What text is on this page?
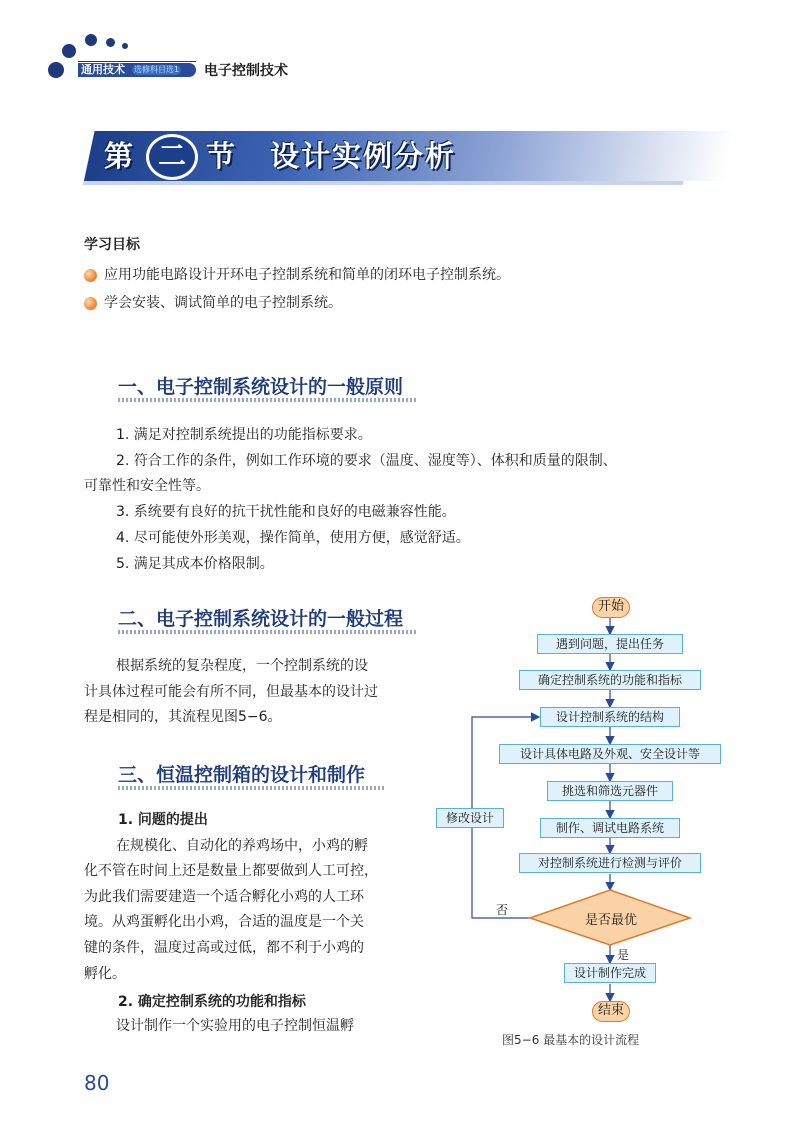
通用技术 选修科目选1 电子控制技术
第 二 节 设计实例分析
学习目标
应用功能电路设计开环电子控制系统和简单的闭环电子控制系统。
学会安装、调试简单的电子控制系统。
一、电子控制系统设计的一般原则
1. 满足对控制系统提出的功能指标要求。
2. 符合工作的条件，例如工作环境的要求（温度、湿度等）、体积和质量的限制、
可靠性和安全性等。
3. 系统要有良好的抗干扰性能和良好的电磁兼容性能。
4. 尽可能使外形美观，操作简单，使用方便，感觉舒适。
5. 满足其成本价格限制。
二、电子控制系统设计的一般过程
根据系统的复杂程度，一个控制系统的设
计具体过程可能会有所不同，但最基本的设计过
程是相同的，其流程见图5−6。
三、恒温控制箱的设计和制作
1. 问题的提出
在规模化、自动化的养鸡场中，小鸡的孵
化不管在时间上还是数量上都要做到人工可控，
为此我们需要建造一个适合孵化小鸡的人工环
境。从鸡蛋孵化出小鸡，合适的温度是一个关
键的条件，温度过高或过低，都不利于小鸡的
孵化。
2. 确定控制系统的功能和指标
设计制作一个实验用的电子控制恒温孵
开始
遇到问题，提出任务
确定控制系统的功能和指标
设计控制系统的结构
设计具体电路及外观、安全设计等
挑选和筛选元器件
制作、调试电路系统
对控制系统进行检测与评价
是否最优
否
是
修改设计
设计制作完成
结束
图5−6 最基本的设计流程
80
